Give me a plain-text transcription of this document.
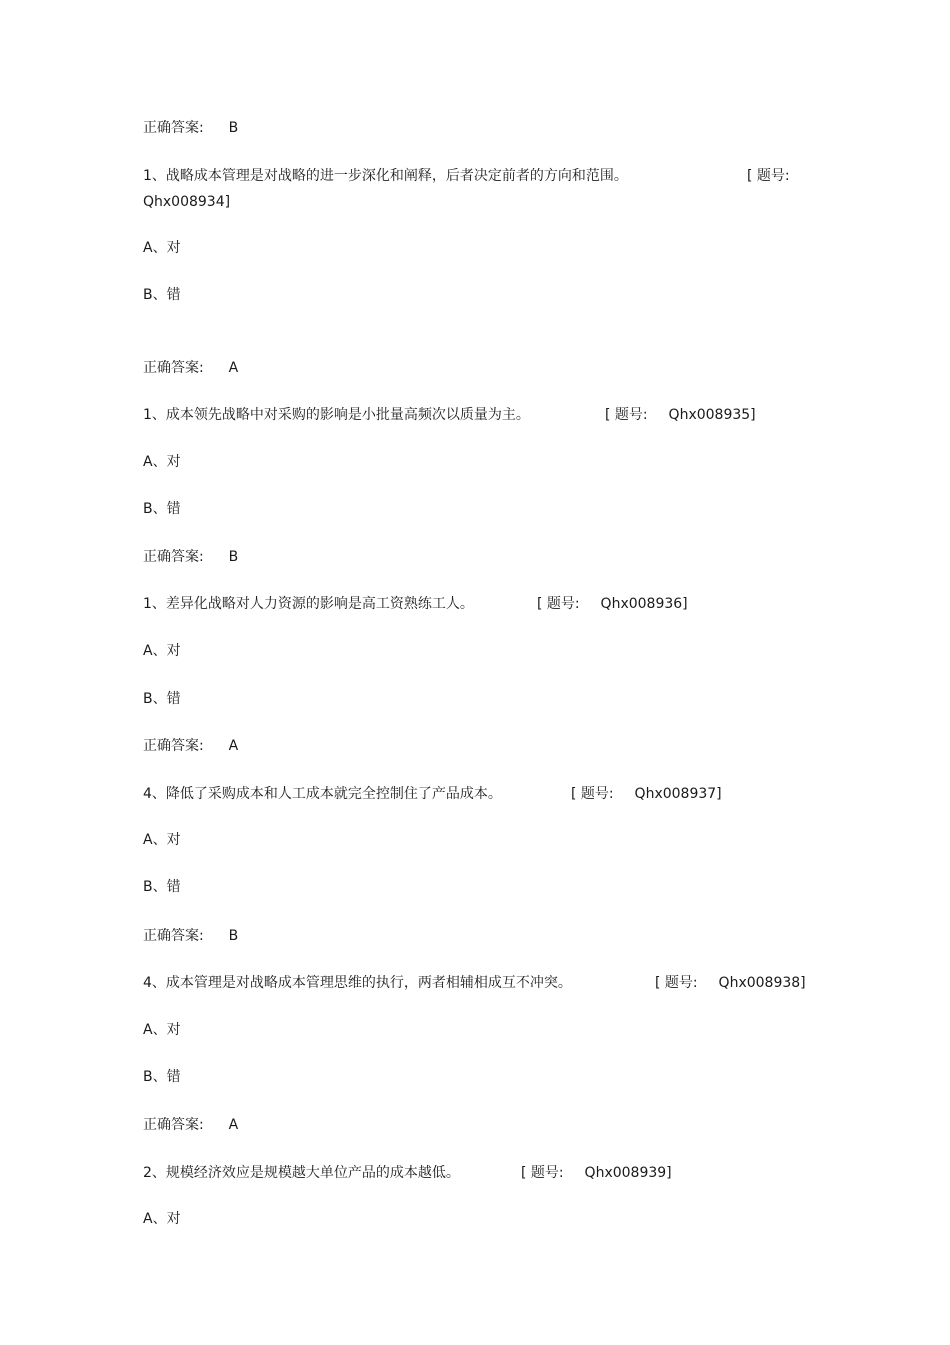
正确答案: B
1、战略成本管理是对战略的进一步深化和阐释，后者决定前者的方向和范围。	[ 题号:
Qhx008934]
A、对
B、错
正确答案: A
1、成本领先战略中对采购的影响是小批量高频次以质量为主。	[ 题号: Qhx008935]
A、对
B、错
正确答案: B
1、差异化战略对人力资源的影响是高工资熟练工人。	[ 题号: Qhx008936]
A、对
B、错
正确答案: A
4、降低了采购成本和人工成本就完全控制住了产品成本。	[ 题号: Qhx008937]
A、对
B、错
正确答案: B
4、成本管理是对战略成本管理思维的执行，两者相辅相成互不冲突。	[ 题号: Qhx008938]
A、对
B、错
正确答案: A
2、规模经济效应是规模越大单位产品的成本越低。	[ 题号: Qhx008939]
A、对
